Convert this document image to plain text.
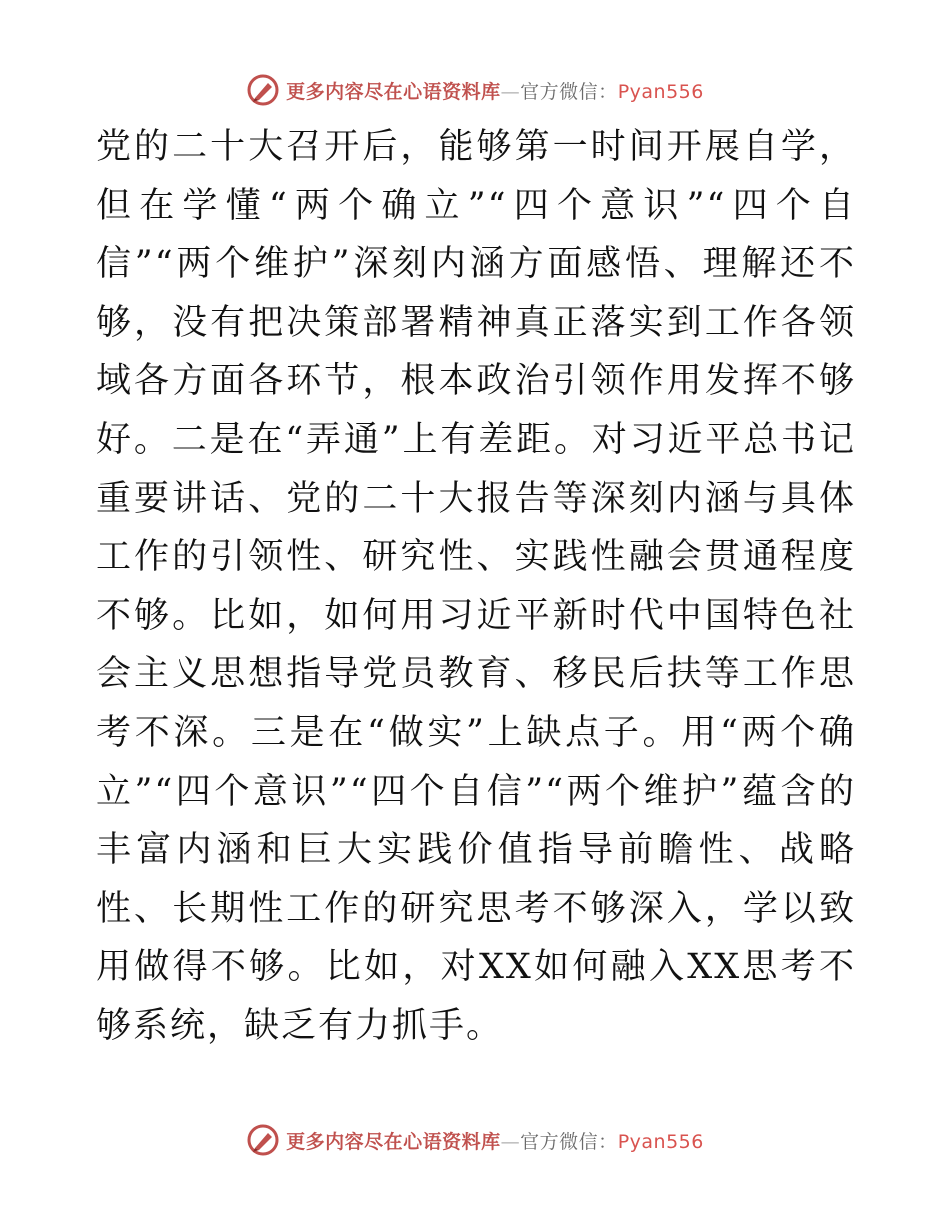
更多内容尽在心语资料库—官方微信：Pyan556

党的二十大召开后，能够第一时间开展自学，但在学懂“两个确立”“四个意识”“四个自信”“两个维护”深刻内涵方面感悟、理解还不够，没有把决策部署精神真正落实到工作各领域各方面各环节，根本政治引领作用发挥不够好。二是在“弄通”上有差距。对习近平总书记重要讲话、党的二十大报告等深刻内涵与具体工作的引领性、研究性、实践性融会贯通程度不够。比如，如何用习近平新时代中国特色社会主义思想指导党员教育、移民后扶等工作思考不深。三是在“做实”上缺点子。用“两个确立”“四个意识”“四个自信”“两个维护”蕴含的丰富内涵和巨大实践价值指导前瞻性、战略性、长期性工作的研究思考不够深入，学以致用做得不够。比如，对XX如何融入XX思考不够系统，缺乏有力抓手。

更多内容尽在心语资料库—官方微信：Pyan556
